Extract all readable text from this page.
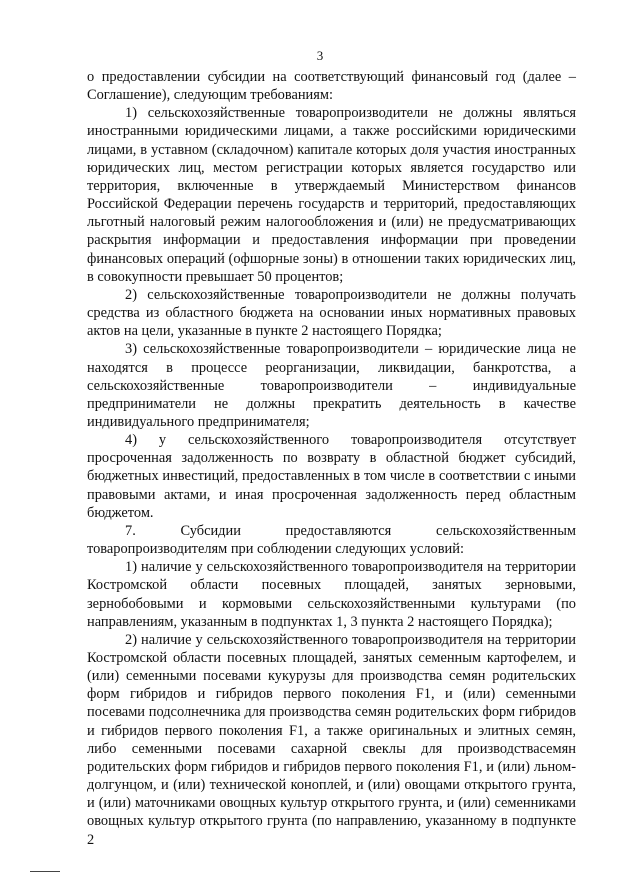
3

о предоставлении субсидии на соответствующий финансовый год (далее – Соглашение), следующим требованиям:

1) сельскохозяйственные товаропроизводители не должны являться иностранными юридическими лицами, а также российскими юридическими лицами, в уставном (складочном) капитале которых доля участия иностранных юридических лиц, местом регистрации которых является государство или территория, включенные в утверждаемый Министерством финансов Российской Федерации перечень государств и территорий, предоставляющих льготный налоговый режим налогообложения и (или) не предусматривающих раскрытия информации и предоставления информации при проведении финансовых операций (офшорные зоны) в отношении таких юридических лиц, в совокупности превышает 50 процентов;

2) сельскохозяйственные товаропроизводители не должны получать средства из областного бюджета на основании иных нормативных правовых актов на цели, указанные в пункте 2 настоящего Порядка;

3) сельскохозяйственные товаропроизводители – юридические лица не находятся в процессе реорганизации, ликвидации, банкротства, а сельскохозяйственные товаропроизводители – индивидуальные предприниматели не должны прекратить деятельность в качестве индивидуального предпринимателя;

4) у сельскохозяйственного товаропроизводителя отсутствует просроченная задолженность по возврату в областной бюджет субсидий, бюджетных инвестиций, предоставленных в том числе в соответствии с иными правовыми актами, и иная просроченная задолженность перед областным бюджетом.

7. Субсидии предоставляются сельскохозяйственным товаропроизводителям при соблюдении следующих условий:

1) наличие у сельскохозяйственного товаропроизводителя на территории Костромской области посевных площадей, занятых зерновыми, зернобобовыми и кормовыми сельскохозяйственными культурами (по направлениям, указанным в подпунктах 1, 3 пункта 2 настоящего Порядка);

2) наличие у сельскохозяйственного товаропроизводителя на территории Костромской области посевных площадей, занятых семенным картофелем, и (или) семенными посевами кукурузы для производства семян родительских форм гибридов и гибридов первого поколения F1, и (или) семенными посевами подсолнечника для производства семян родительских форм гибридов и гибридов первого поколения F1, а также оригинальных и элитных семян, либо семенными посевами сахарной свеклы для производствасемян родительских форм гибридов и гибридов первого поколения F1, и (или) льном-долгунцом, и (или) технической коноплей, и (или) овощами открытого грунта, и (или) маточниками овощных культур открытого грунта, и (или) семенниками овощных культур открытого грунта (по направлению, указанному в подпункте 2
